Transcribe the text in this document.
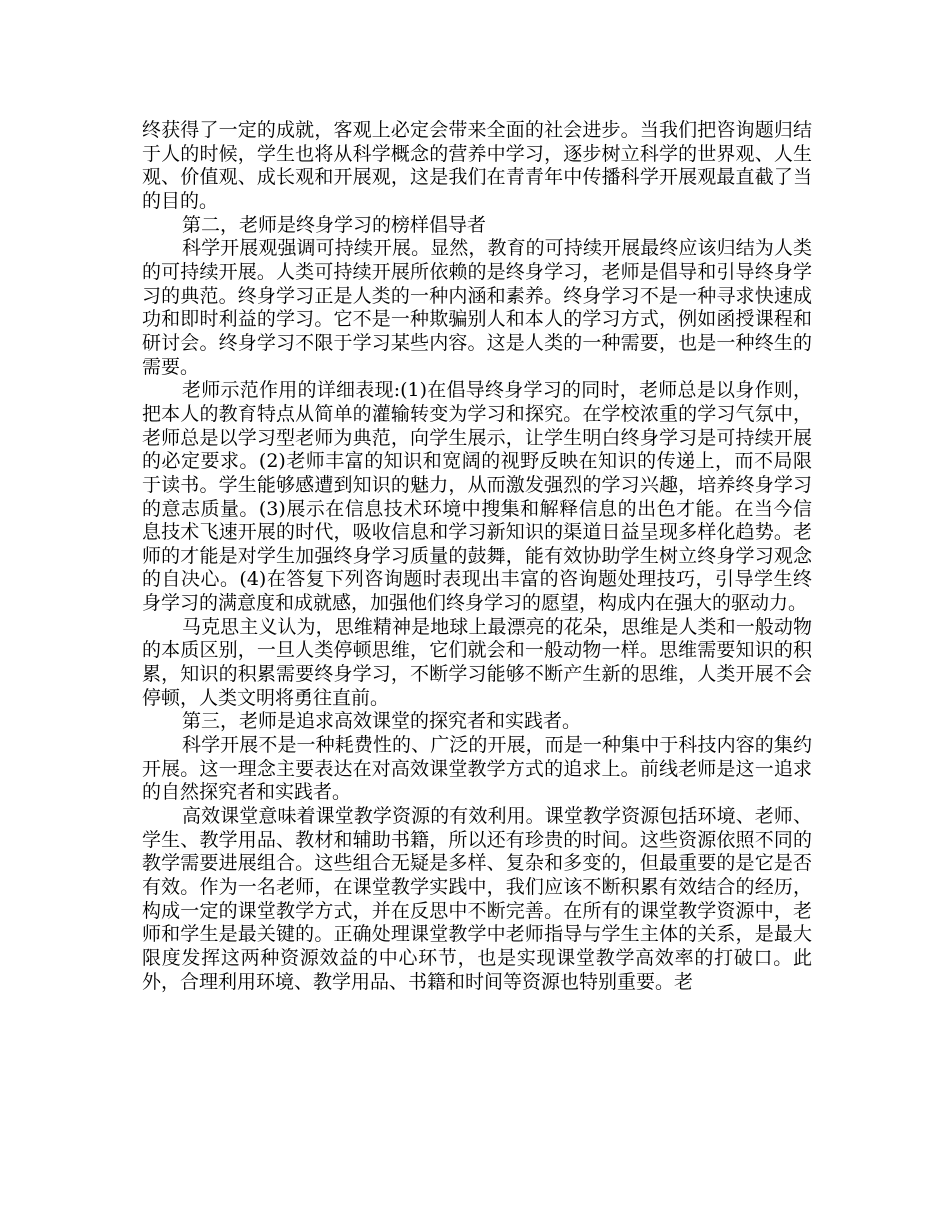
终获得了一定的成就，客观上必定会带来全面的社会进步。当我们把咨询题归结于人的时候，学生也将从科学概念的营养中学习，逐步树立科学的世界观、人生观、价值观、成长观和开展观，这是我们在青青年中传播科学开展观最直截了当的目的。

第二，老师是终身学习的榜样倡导者

科学开展观强调可持续开展。显然，教育的可持续开展最终应该归结为人类的可持续开展。人类可持续开展所依赖的是终身学习，老师是倡导和引导终身学习的典范。终身学习正是人类的一种内涵和素养。终身学习不是一种寻求快速成功和即时利益的学习。它不是一种欺骗别人和本人的学习方式，例如函授课程和研讨会。终身学习不限于学习某些内容。这是人类的一种需要，也是一种终生的需要。

老师示范作用的详细表现:(1)在倡导终身学习的同时，老师总是以身作则，把本人的教育特点从简单的灌输转变为学习和探究。在学校浓重的学习气氛中，老师总是以学习型老师为典范，向学生展示，让学生明白终身学习是可持续开展的必定要求。(2)老师丰富的知识和宽阔的视野反映在知识的传递上，而不局限于读书。学生能够感遭到知识的魅力，从而激发强烈的学习兴趣，培养终身学习的意志质量。(3)展示在信息技术环境中搜集和解释信息的出色才能。在当今信息技术飞速开展的时代，吸收信息和学习新知识的渠道日益呈现多样化趋势。老师的才能是对学生加强终身学习质量的鼓舞，能有效协助学生树立终身学习观念的自决心。(4)在答复下列咨询题时表现出丰富的咨询题处理技巧，引导学生终身学习的满意度和成就感，加强他们终身学习的愿望，构成内在强大的驱动力。

马克思主义认为，思维精神是地球上最漂亮的花朵，思维是人类和一般动物的本质区别，一旦人类停顿思维，它们就会和一般动物一样。思维需要知识的积累，知识的积累需要终身学习，不断学习能够不断产生新的思维，人类开展不会停顿，人类文明将勇往直前。

第三，老师是追求高效课堂的探究者和实践者。

科学开展不是一种耗费性的、广泛的开展，而是一种集中于科技内容的集约开展。这一理念主要表达在对高效课堂教学方式的追求上。前线老师是这一追求的自然探究者和实践者。

高效课堂意味着课堂教学资源的有效利用。课堂教学资源包括环境、老师、学生、教学用品、教材和辅助书籍，所以还有珍贵的时间。这些资源依照不同的教学需要进展组合。这些组合无疑是多样、复杂和多变的，但最重要的是它是否有效。作为一名老师，在课堂教学实践中，我们应该不断积累有效结合的经历，构成一定的课堂教学方式，并在反思中不断完善。在所有的课堂教学资源中，老师和学生是最关键的。正确处理课堂教学中老师指导与学生主体的关系，是最大限度发挥这两种资源效益的中心环节，也是实现课堂教学高效率的打破口。此外，合理利用环境、教学用品、书籍和时间等资源也特别重要。老
